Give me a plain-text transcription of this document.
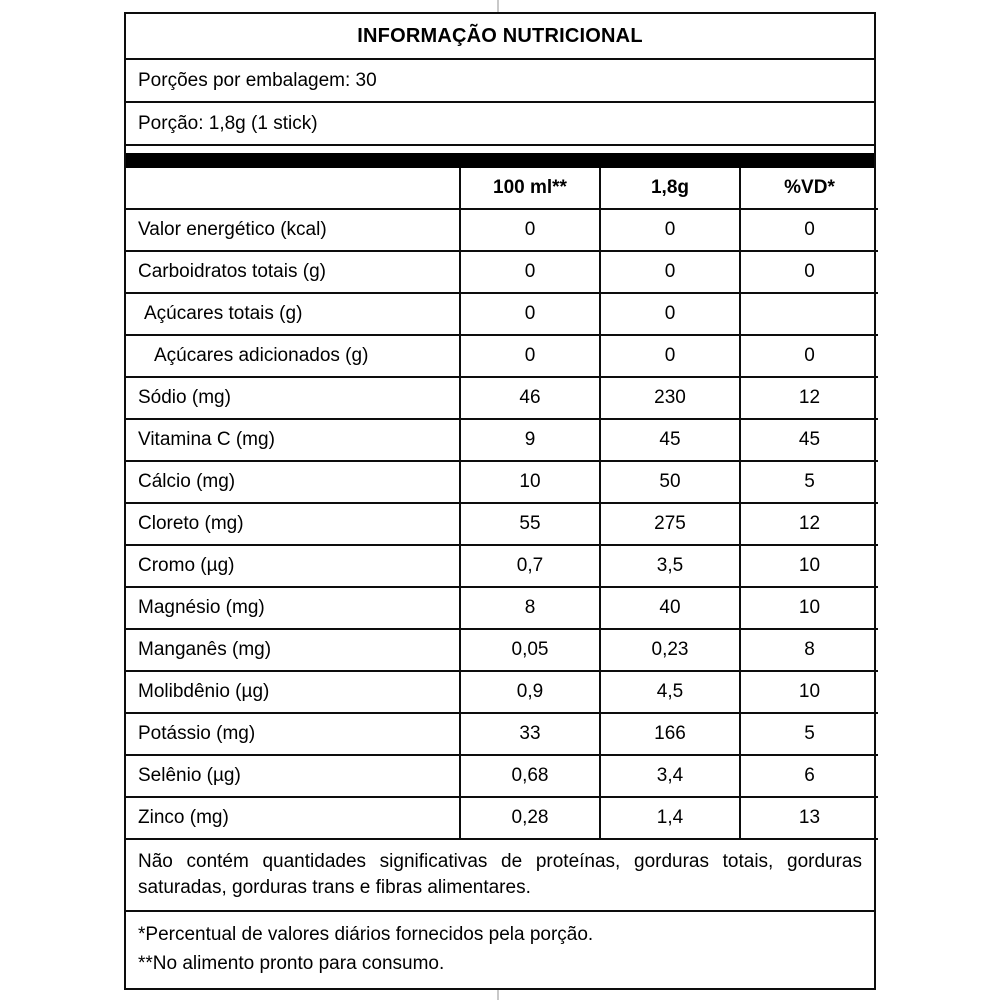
INFORMAÇÃO NUTRICIONAL
Porções por embalagem: 30
Porção: 1,8g (1 stick)
	100 ml**	1,8g	%VD*
Valor energético (kcal)	0	0	0
Carboidratos totais (g)	0	0	0
Açúcares totais (g)	0	0	
Açúcares adicionados (g)	0	0	0
Sódio (mg)	46	230	12
Vitamina C (mg)	9	45	45
Cálcio (mg)	10	50	5
Cloreto (mg)	55	275	12
Cromo (µg)	0,7	3,5	10
Magnésio (mg)	8	40	10
Manganês (mg)	0,05	0,23	8
Molibdênio (µg)	0,9	4,5	10
Potássio (mg)	33	166	5
Selênio (µg)	0,68	3,4	6
Zinco (mg)	0,28	1,4	13
Não contém quantidades significativas de proteínas, gorduras totais, gorduras saturadas, gorduras trans e fibras alimentares.
*Percentual de valores diários fornecidos pela porção.
**No alimento pronto para consumo.
